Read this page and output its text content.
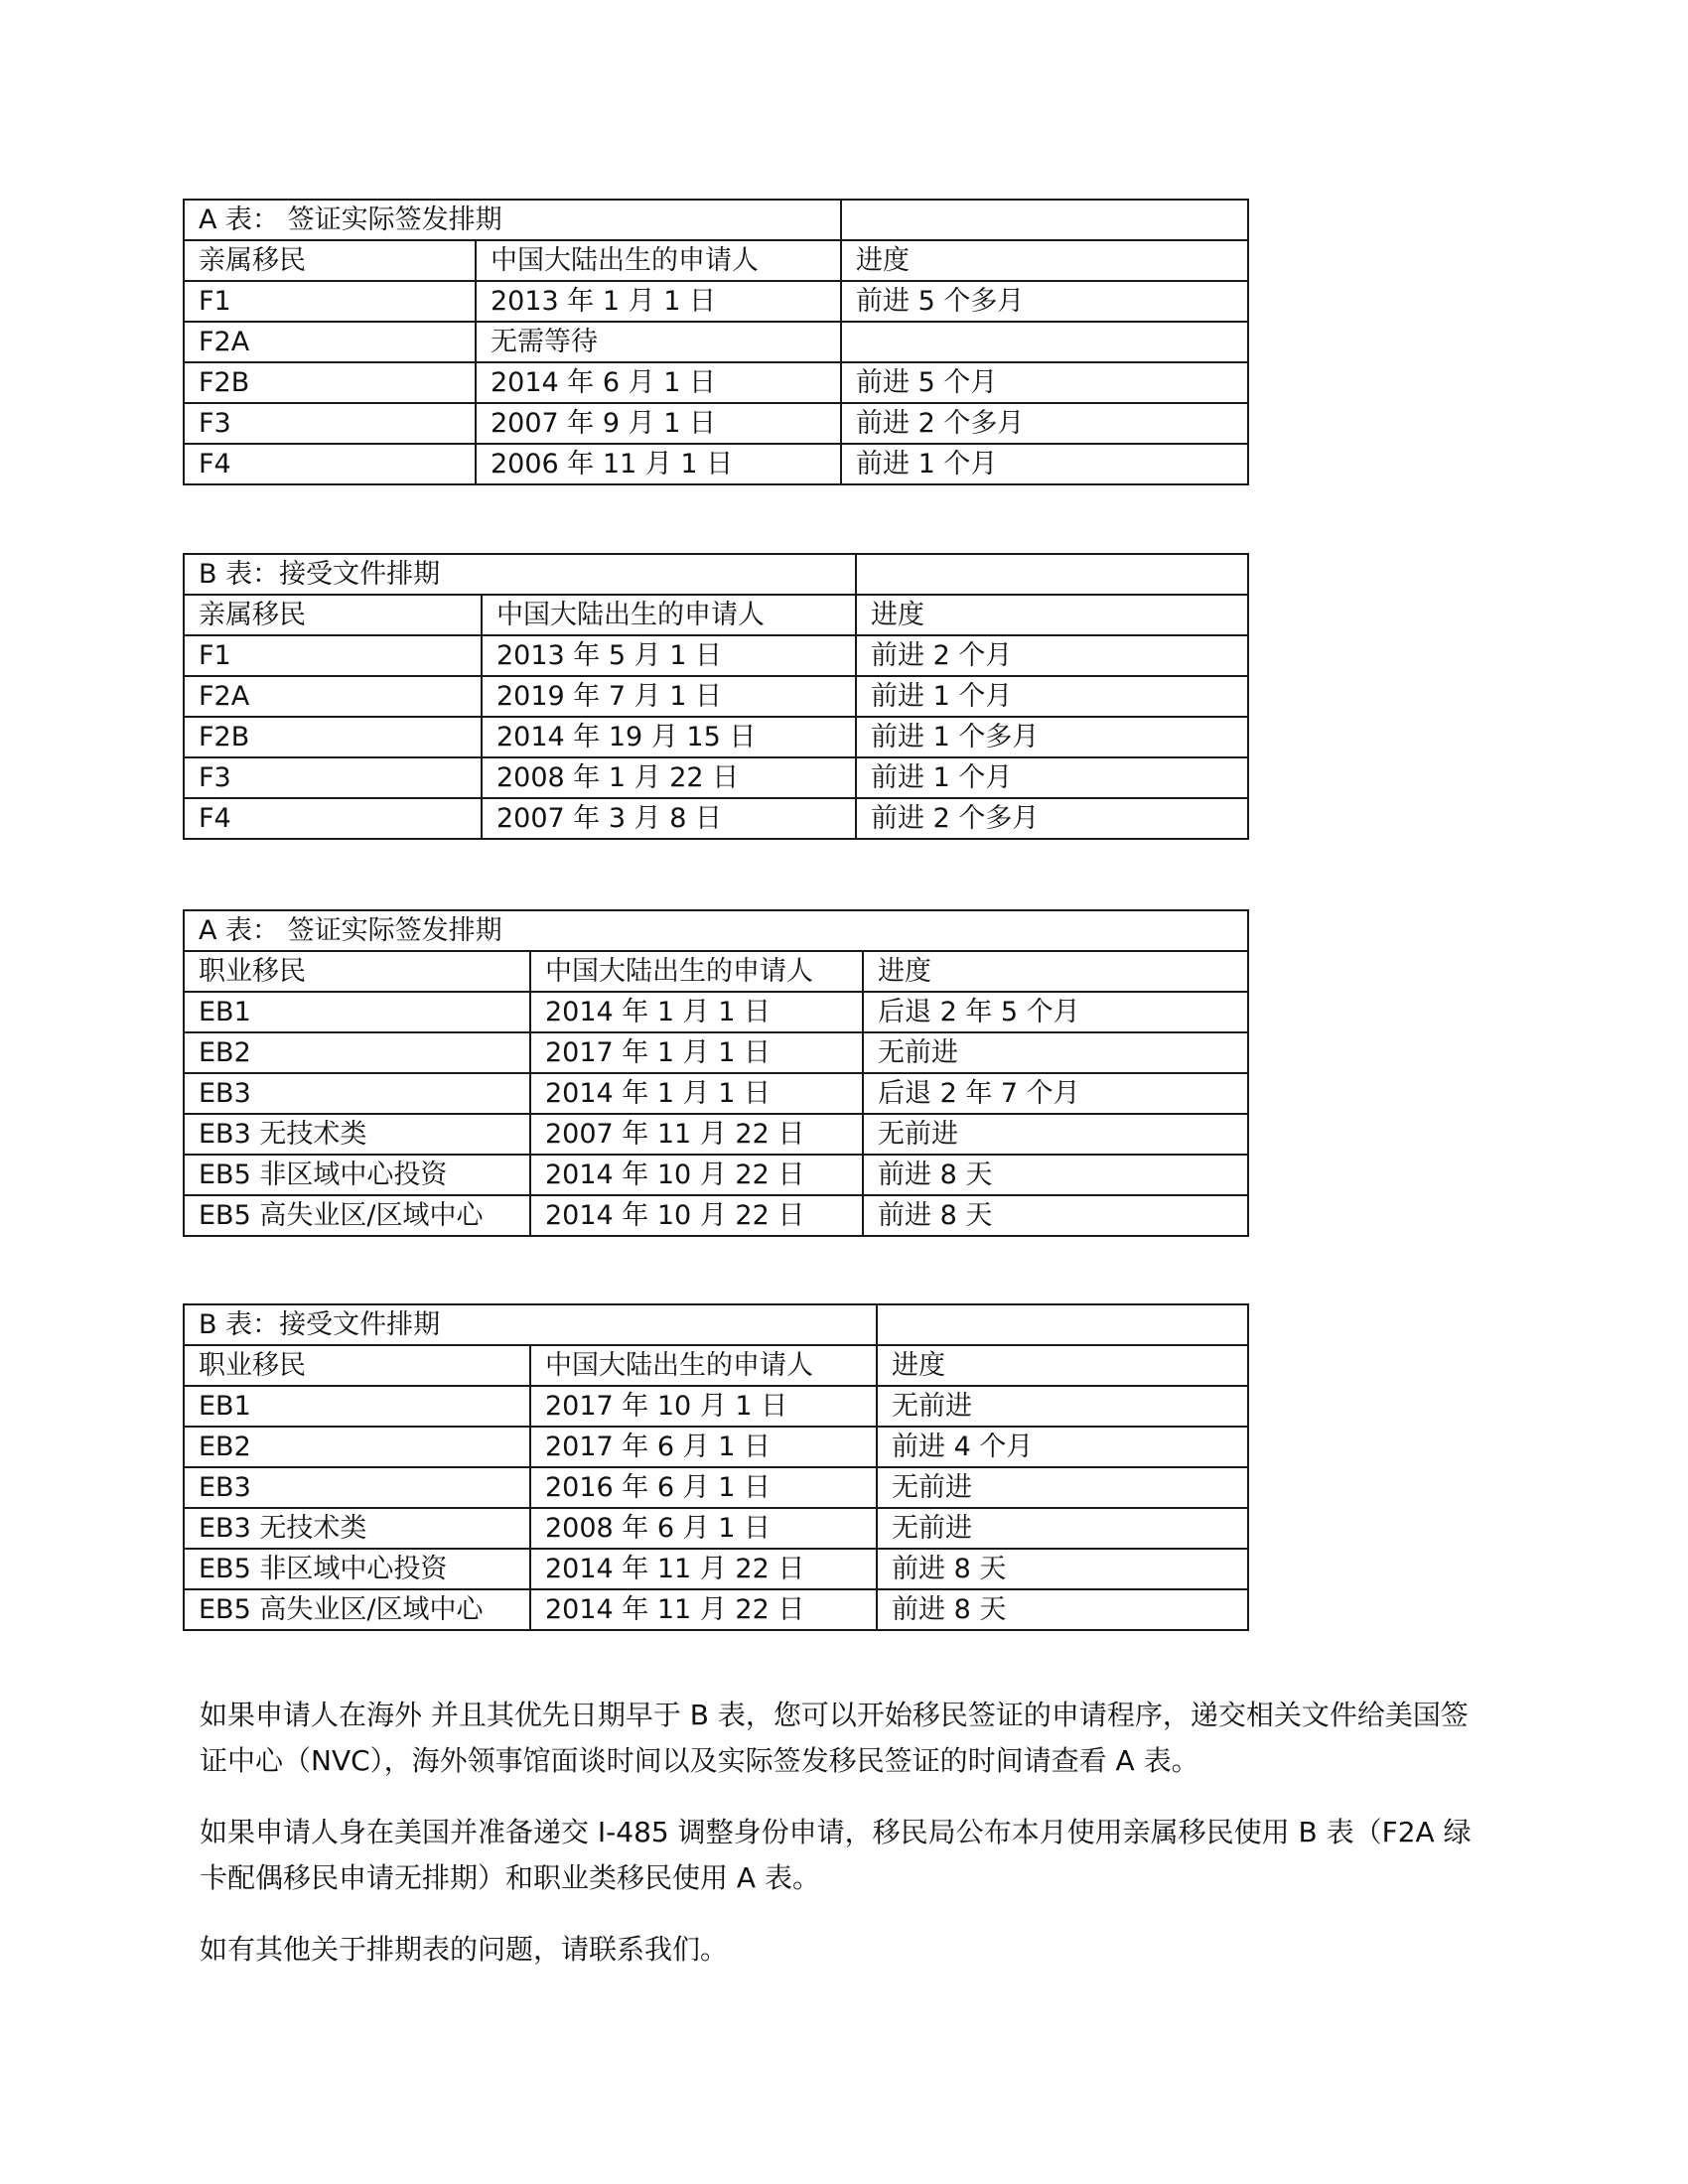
A 表： 签证实际签发排期		
亲属移民	中国大陆出生的申请人	进度
F1	2013 年 1 月 1 日	前进 5 个多月
F2A	无需等待	
F2B	2014 年 6 月 1 日	前进 5 个月
F3	2007 年 9 月 1 日	前进 2 个多月
F4	2006 年 11 月 1 日	前进 1 个月
B 表：接受文件排期		
亲属移民	中国大陆出生的申请人	进度
F1	2013 年 5 月 1 日	前进 2 个月
F2A	2019 年 7 月 1 日	前进 1 个月
F2B	2014 年 19 月 15 日	前进 1 个多月
F3	2008 年 1 月 22 日	前进 1 个月
F4	2007 年 3 月 8 日	前进 2 个多月
A 表： 签证实际签发排期		
职业移民	中国大陆出生的申请人	进度
EB1	2014 年 1 月 1 日	后退 2 年 5 个月
EB2	2017 年 1 月 1 日	无前进
EB3	2014 年 1 月 1 日	后退 2 年 7 个月
EB3 无技术类	2007 年 11 月 22 日	无前进
EB5 非区域中心投资	2014 年 10 月 22 日	前进 8 天
EB5 高失业区/区域中心	2014 年 10 月 22 日	前进 8 天
B 表：接受文件排期		
职业移民	中国大陆出生的申请人	进度
EB1	2017 年 10 月 1 日	无前进
EB2	2017 年 6 月 1 日	前进 4 个月
EB3	2016 年 6 月 1 日	无前进
EB3 无技术类	2008 年 6 月 1 日	无前进
EB5 非区域中心投资	2014 年 11 月 22 日	前进 8 天
EB5 高失业区/区域中心	2014 年 11 月 22 日	前进 8 天

如果申请人在海外 并且其优先日期早于 B 表，您可以开始移民签证的申请程序，递交相关文件给美国签证中心（NVC），海外领事馆面谈时间以及实际签发移民签证的时间请查看 A 表。

如果申请人身在美国并准备递交 I-485 调整身份申请，移民局公布本月使用亲属移民使用 B 表（F2A 绿卡配偶移民申请无排期）和职业类移民使用 A 表。

如有其他关于排期表的问题，请联系我们。
